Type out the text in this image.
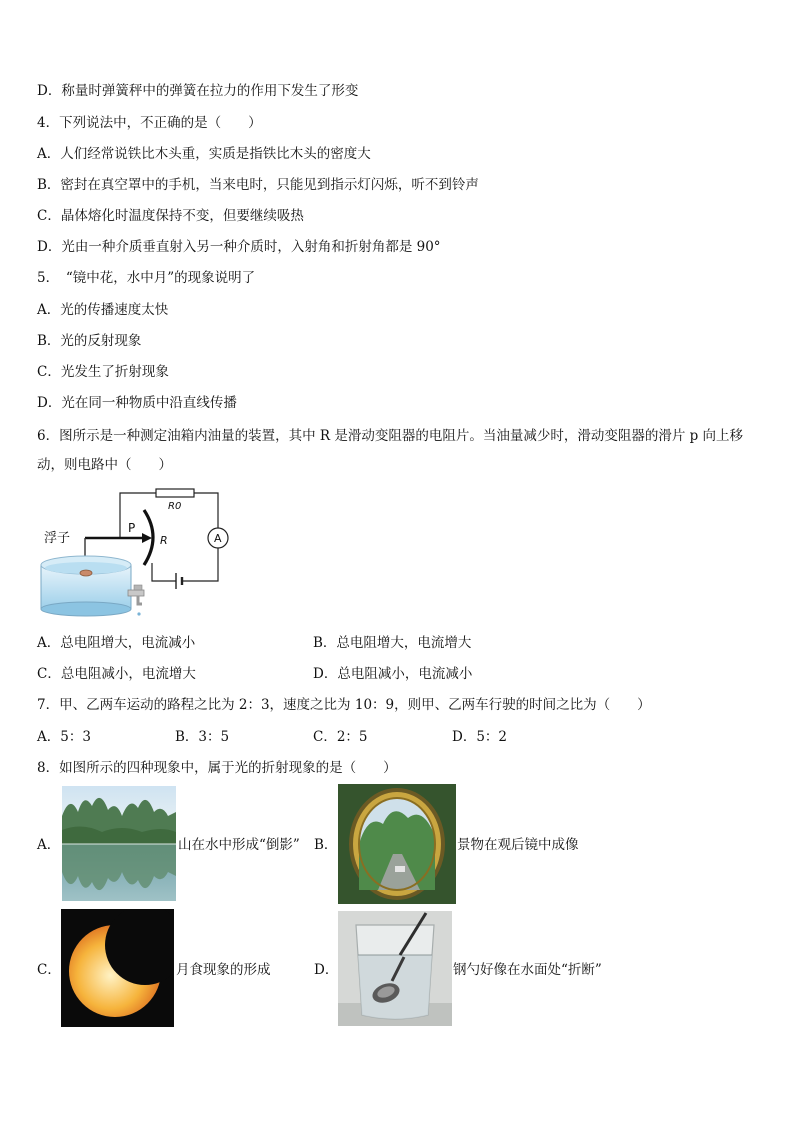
D．称量时弹簧秤中的弹簧在拉力的作用下发生了形变
4．下列说法中，不正确的是（　　）
A．人们经常说铁比木头重，实质是指铁比木头的密度大
B．密封在真空罩中的手机，当来电时，只能见到指示灯闪烁，听不到铃声
C．晶体熔化时温度保持不变，但要继续吸热
D．光由一种介质垂直射入另一种介质时，入射角和折射角都是 90°
5．　“镜中花，水中月”的现象说明了
A．光的传播速度太快
B．光的反射现象
C．光发生了折射现象
D．光在同一种物质中沿直线传播
6．图所示是一种测定油箱内油量的装置，其中 R 是滑动变阻器的电阻片。当油量减少时，滑动变阻器的滑片 p 向上移
动，则电路中（　　）
浮子
P
R
R0
A
A．总电阻增大，电流减小	B．总电阻增大，电流增大
C．总电阻减小，电流增大	D．总电阻减小，电流减小
7．甲、乙两车运动的路程之比为 2：3，速度之比为 10：9，则甲、乙两车行驶的时间之比为（　　）
A．5：3	B．3：5	C．2：5	D．5：2
8．如图所示的四种现象中，属于光的折射现象的是（　　）
A．	山在水中形成“倒影” B．	景物在观后镜中成像
C．	月食现象的形成	D．	钢勺好像在水面处“折断”
